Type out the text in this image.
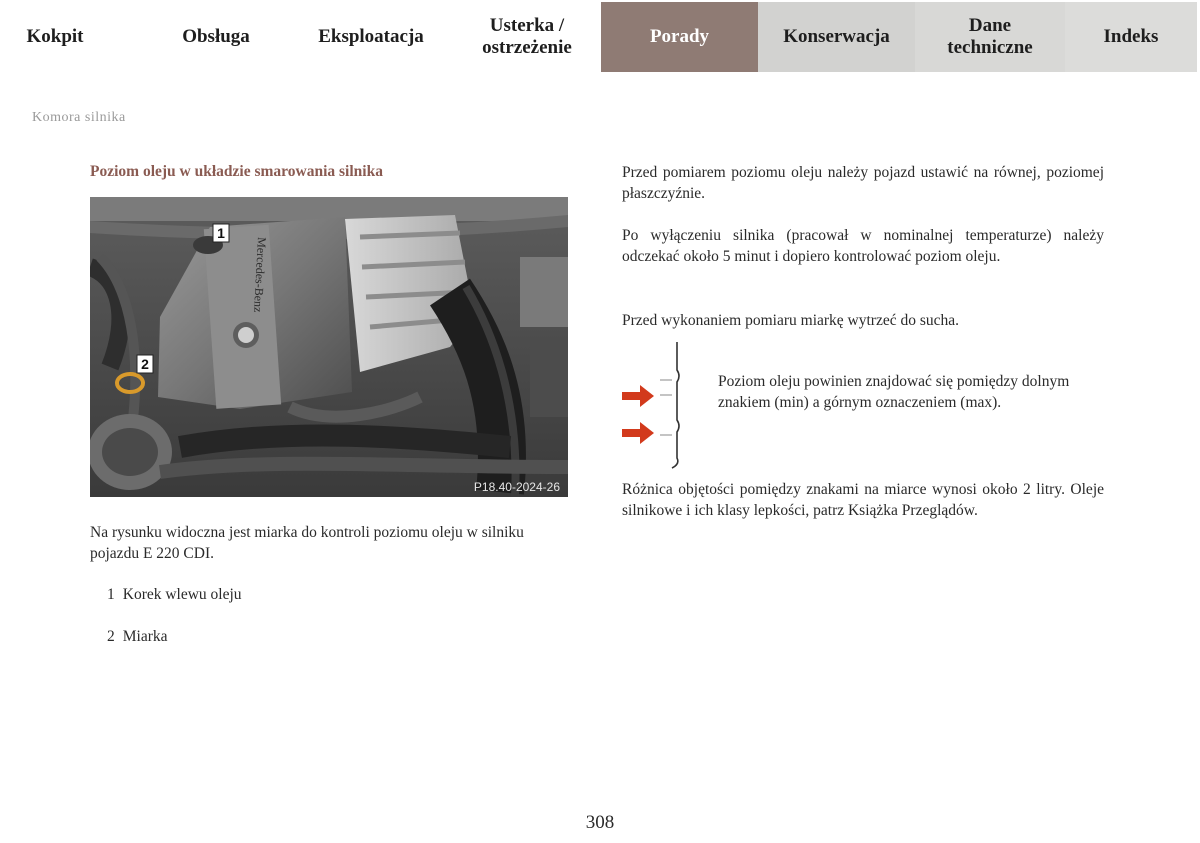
Kokpit	Obsługa	Eksploatacja
Usterka /
ostrzeżenie
Porady	Konserwacja
Dane
techniczne
Indeks
Komora silnika
Poziom oleju w układzie smarowania silnika
Mercedes-Benz
1
2
P18.40-2024-26
Na rysunku widoczna jest miarka do kontroli poziomu oleju w silniku pojazdu E 220 CDI.
1 Korek wlewu oleju
2 Miarka
Przed pomiarem poziomu oleju należy pojazd ustawić na równej, poziomej płaszczyźnie.
Po wyłączeniu silnika (pracował w nominalnej temperaturze) należy odczekać około 5 minut i dopiero kontrolować poziom oleju.
Przed wykonaniem pomiaru miarkę wytrzeć do sucha.
Poziom oleju powinien znajdować się pomiędzy dolnym znakiem (min) a górnym oznaczeniem (max).
Różnica objętości pomiędzy znakami na miarce wynosi około 2 litry. Oleje silnikowe i ich klasy lepkości, patrz Książka Przeglądów.
308
